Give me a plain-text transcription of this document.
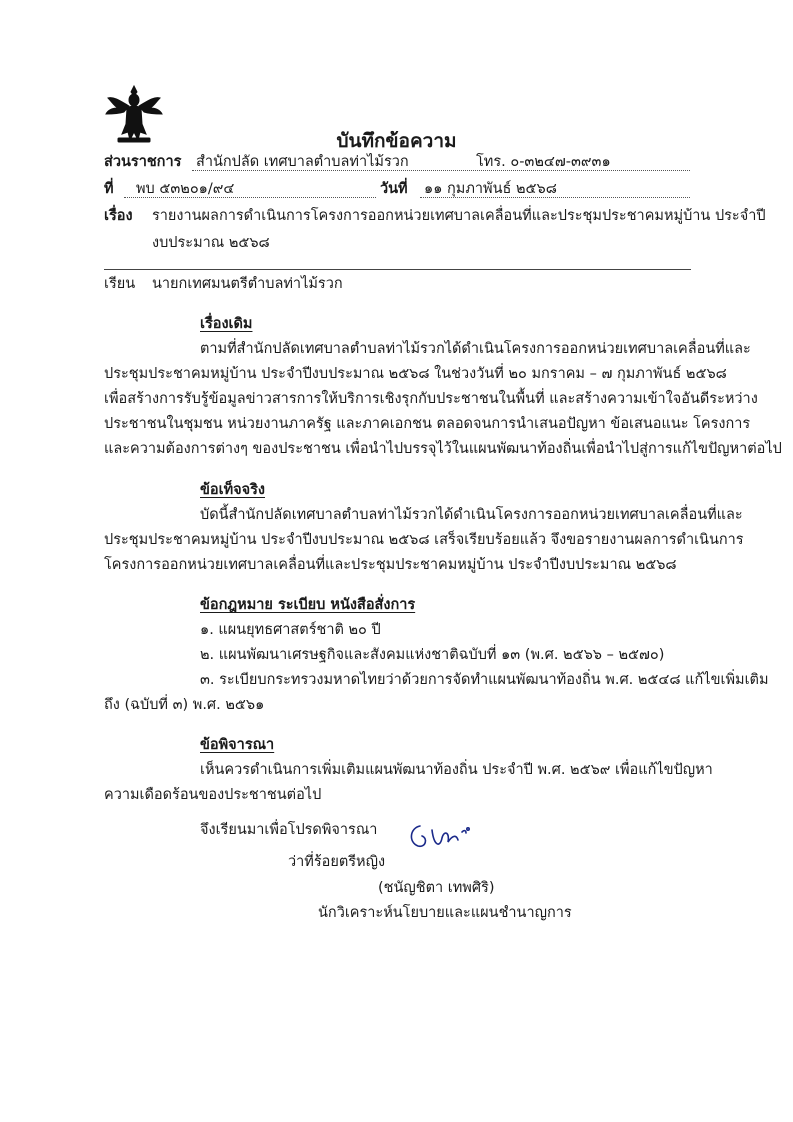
บันทึกข้อความ
ส่วนราชการ สำนักปลัด เทศบาลตำบลท่าไม้รวก	โทร. ๐-๓๒๔๗-๓๙๓๑
ที่ พบ ๕๓๒๐๑/๙๔	วันที่ ๑๑ กุมภาพันธ์ ๒๕๖๘
เรื่อง รายงานผลการดำเนินการโครงการออกหน่วยเทศบาลเคลื่อนที่และประชุมประชาคมหมู่บ้าน ประจำปี
งบประมาณ ๒๕๖๘
เรียน นายกเทศมนตรีตำบลท่าไม้รวก
เรื่องเดิม
ตามที่สำนักปลัดเทศบาลตำบลท่าไม้รวกได้ดำเนินโครงการออกหน่วยเทศบาลเคลื่อนที่และ
ประชุมประชาคมหมู่บ้าน ประจำปีงบประมาณ ๒๕๖๘ ในช่วงวันที่ ๒๐ มกราคม – ๗ กุมภาพันธ์ ๒๕๖๘
เพื่อสร้างการรับรู้ข้อมูลข่าวสารการให้บริการเชิงรุกกับประชาชนในพื้นที่ และสร้างความเข้าใจอันดีระหว่าง
ประชาชนในชุมชน หน่วยงานภาครัฐ และภาคเอกชน ตลอดจนการนำเสนอปัญหา ข้อเสนอแนะ โครงการ
และความต้องการต่างๆ ของประชาชน เพื่อนำไปบรรจุไว้ในแผนพัฒนาท้องถิ่นเพื่อนำไปสู่การแก้ไขปัญหาต่อไป
ข้อเท็จจริง
บัดนี้สำนักปลัดเทศบาลตำบลท่าไม้รวกได้ดำเนินโครงการออกหน่วยเทศบาลเคลื่อนที่และ
ประชุมประชาคมหมู่บ้าน ประจำปีงบประมาณ ๒๕๖๘ เสร็จเรียบร้อยแล้ว จึงขอรายงานผลการดำเนินการ
โครงการออกหน่วยเทศบาลเคลื่อนที่และประชุมประชาคมหมู่บ้าน ประจำปีงบประมาณ ๒๕๖๘
ข้อกฎหมาย ระเบียบ หนังสือสั่งการ
๑. แผนยุทธศาสตร์ชาติ ๒๐ ปี
๒. แผนพัฒนาเศรษฐกิจและสังคมแห่งชาติฉบับที่ ๑๓ (พ.ศ. ๒๕๖๖ – ๒๕๗๐)
๓. ระเบียบกระทรวงมหาดไทยว่าด้วยการจัดทำแผนพัฒนาท้องถิ่น พ.ศ. ๒๕๔๘ แก้ไขเพิ่มเติม
ถึง (ฉบับที่ ๓) พ.ศ. ๒๕๖๑
ข้อพิจารณา
เห็นควรดำเนินการเพิ่มเติมแผนพัฒนาท้องถิ่น ประจำปี พ.ศ. ๒๕๖๙ เพื่อแก้ไขปัญหา
ความเดือดร้อนของประชาชนต่อไป
จึงเรียนมาเพื่อโปรดพิจารณา
ว่าที่ร้อยตรีหญิง
(ชนัญชิตา เทพศิริ)
นักวิเคราะห์นโยบายและแผนชำนาญการ
